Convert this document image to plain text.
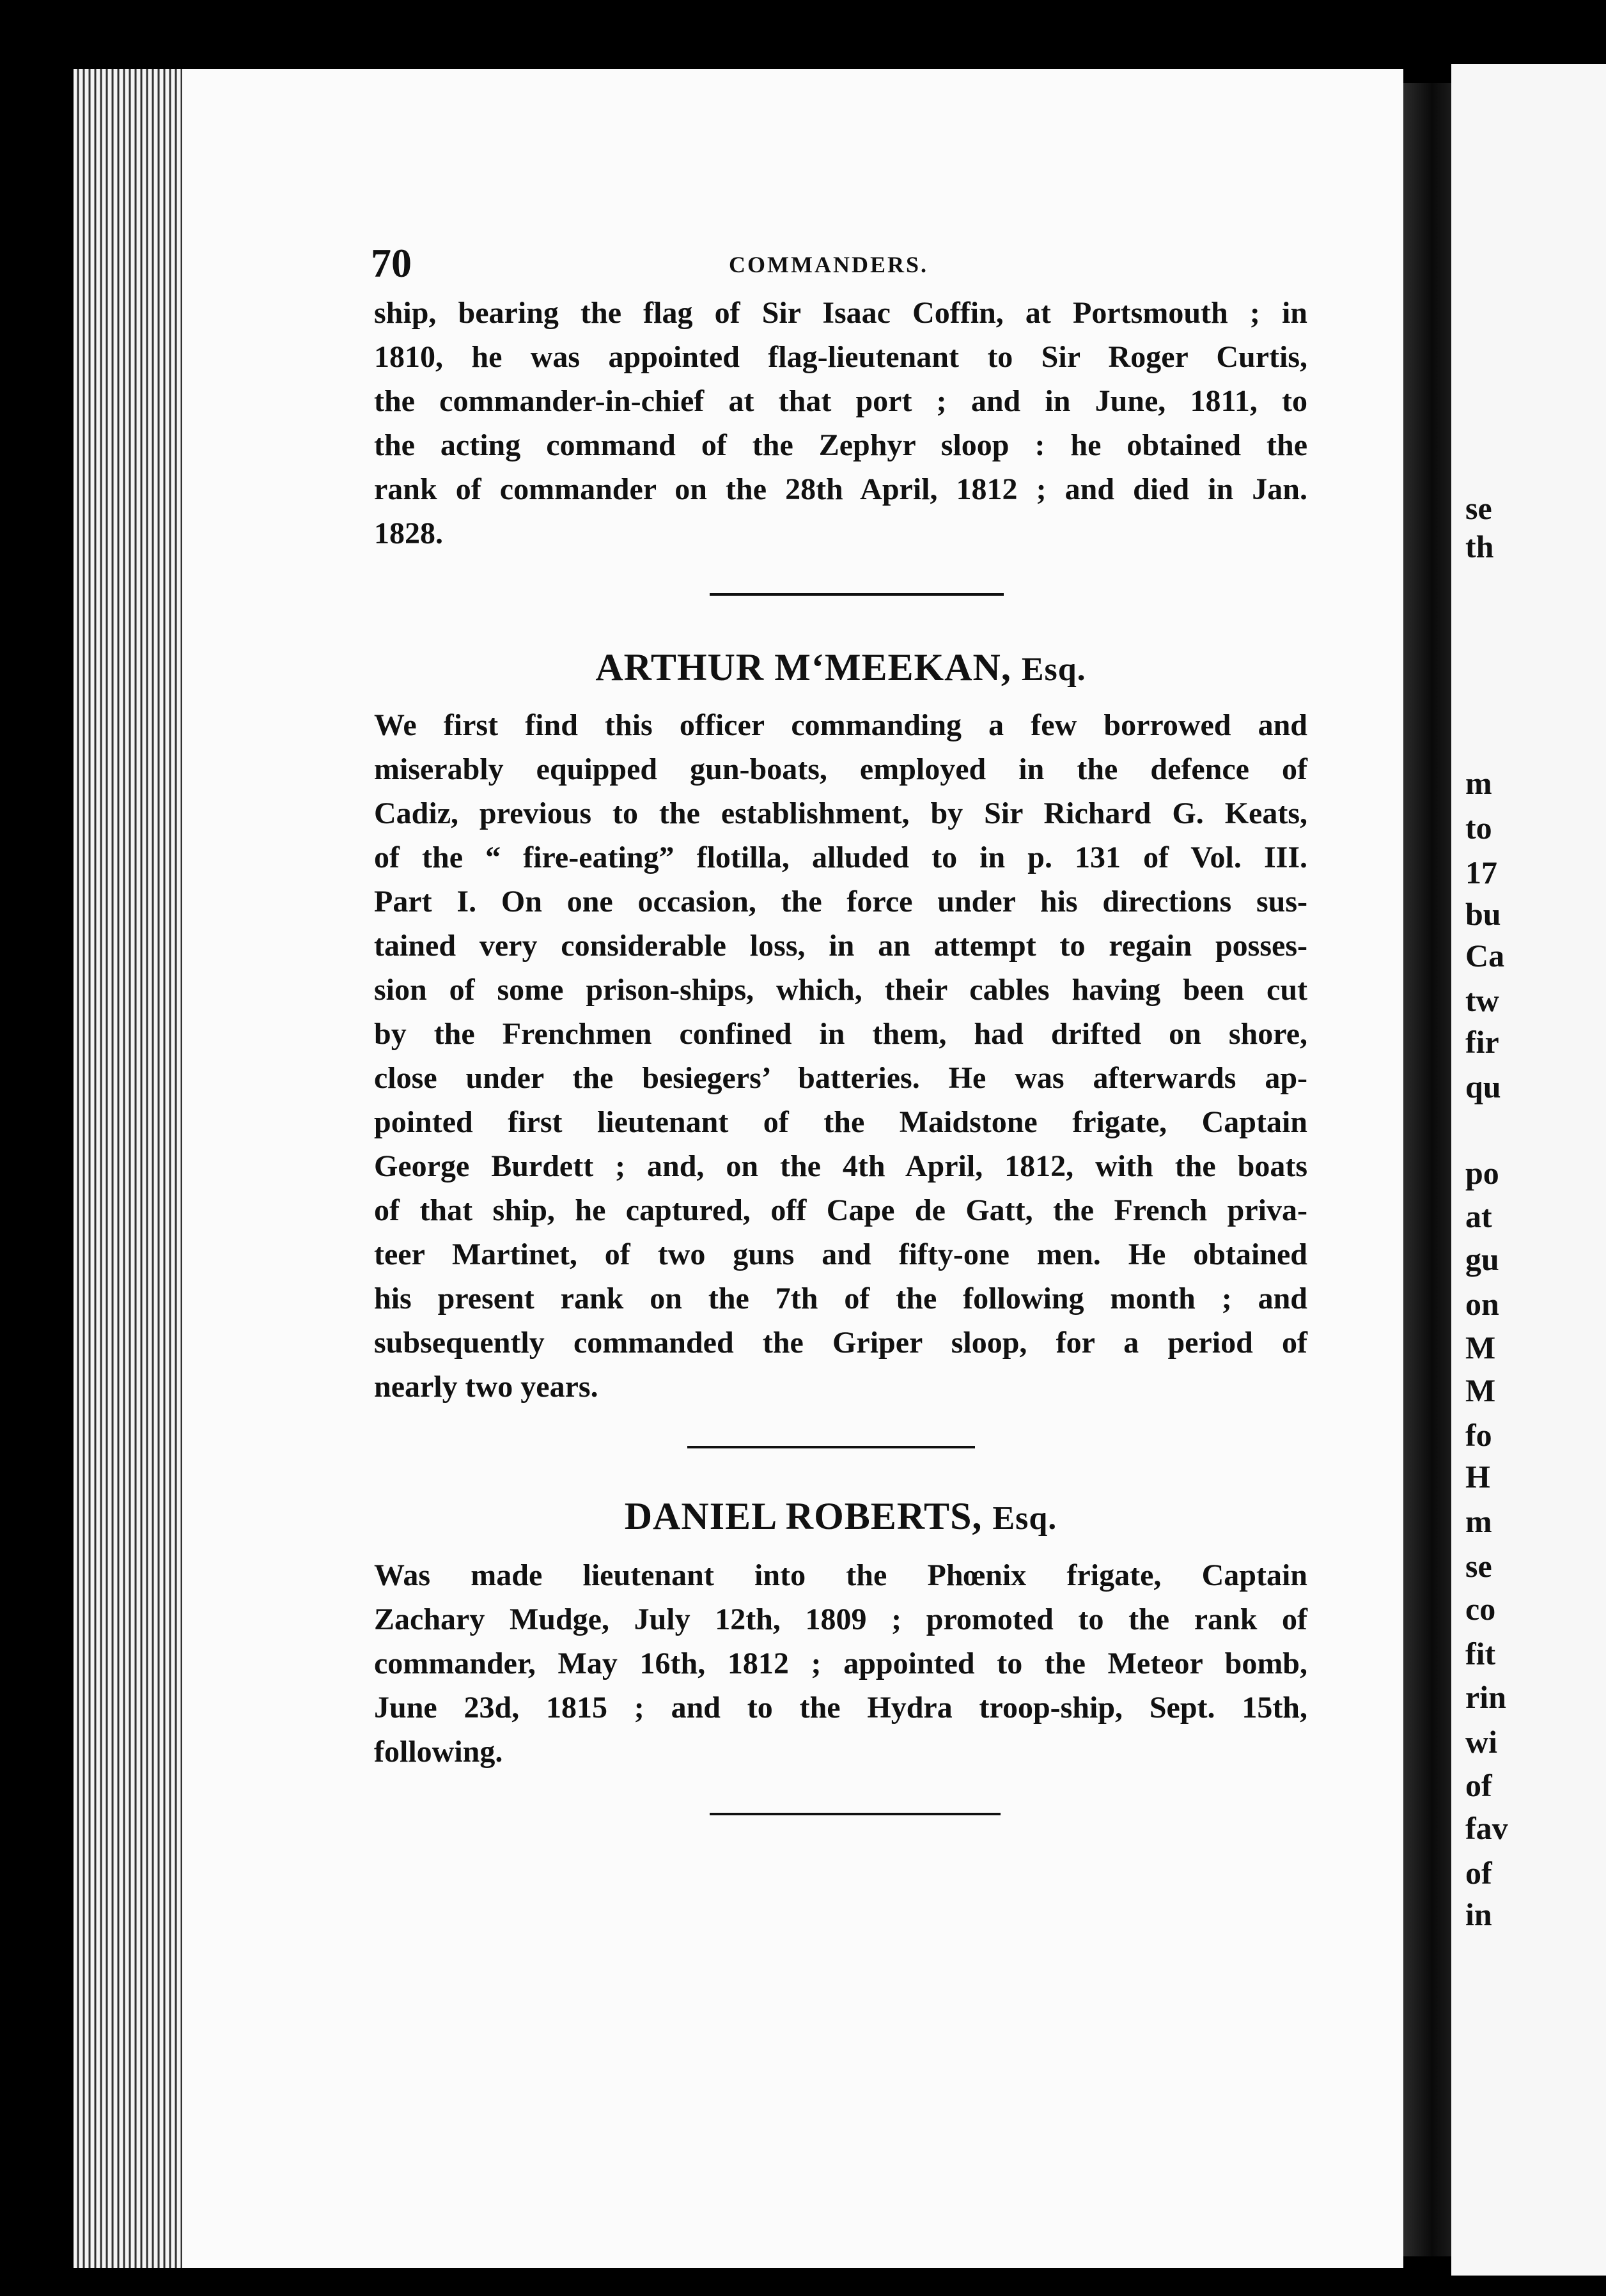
se
th
m
to
17
bu
Ca
tw
fir
qu
po
at
gu
on
M
M
fo
H
m
se
co
fit
rin
wi
of
fav
of
in
70	COMMANDERS.
ship, bearing the flag of Sir Isaac Coffin, at Portsmouth ; in
1810, he was appointed flag-lieutenant to Sir Roger Curtis,
the commander-in-chief at that port ; and in June, 1811, to
the acting command of the Zephyr sloop : he obtained the
rank of commander on the 28th April, 1812 ; and died in Jan.
1828.
ARTHUR M‘MEEKAN, Esq.
We first find this officer commanding a few borrowed and
miserably equipped gun-boats, employed in the defence of
Cadiz, previous to the establishment, by Sir Richard G. Keats,
of the “ fire-eating” flotilla, alluded to in p. 131 of Vol. III.
Part I. On one occasion, the force under his directions sus-
tained very considerable loss, in an attempt to regain posses-
sion of some prison-ships, which, their cables having been cut
by the Frenchmen confined in them, had drifted on shore,
close under the besiegers’ batteries. He was afterwards ap-
pointed first lieutenant of the Maidstone frigate, Captain
George Burdett ; and, on the 4th April, 1812, with the boats
of that ship, he captured, off Cape de Gatt, the French priva-
teer Martinet, of two guns and fifty-one men. He obtained
his present rank on the 7th of the following month ; and
subsequently commanded the Griper sloop, for a period of
nearly two years.
DANIEL ROBERTS, Esq.
Was made lieutenant into the Phœnix frigate, Captain
Zachary Mudge, July 12th, 1809 ; promoted to the rank of
commander, May 16th, 1812 ; appointed to the Meteor bomb,
June 23d, 1815 ; and to the Hydra troop-ship, Sept. 15th,
following.
